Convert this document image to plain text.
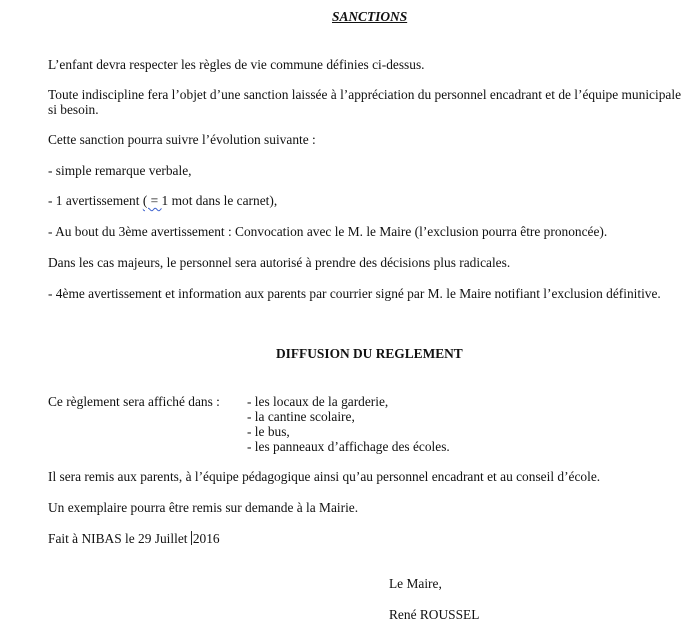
SANCTIONS
L’enfant devra respecter les règles de vie commune définies ci-dessus.
Toute indiscipline fera l’objet d’une sanction laissée à l’appréciation du personnel encadrant et de l’équipe municipale
si besoin.
Cette sanction pourra suivre l’évolution suivante :
- simple remarque verbale,
- 1 avertissement ( = 1 mot dans le carnet),
- Au bout du 3ème avertissement : Convocation avec le M. le Maire (l’exclusion pourra être prononcée).
Dans les cas majeurs, le personnel sera autorisé à prendre des décisions plus radicales.
- 4ème avertissement et information aux parents par courrier signé par M. le Maire notifiant l’exclusion définitive.
DIFFUSION DU REGLEMENT
Ce règlement sera affiché dans : - les locaux de la garderie,
- la cantine scolaire,
- le bus,
- les panneaux d’affichage des écoles.
Il sera remis aux parents, à l’équipe pédagogique ainsi qu’au personnel encadrant et au conseil d’école.
Un exemplaire pourra être remis sur demande à la Mairie.
Fait à NIBAS le 29 Juillet 2016
Le Maire,
René ROUSSEL
